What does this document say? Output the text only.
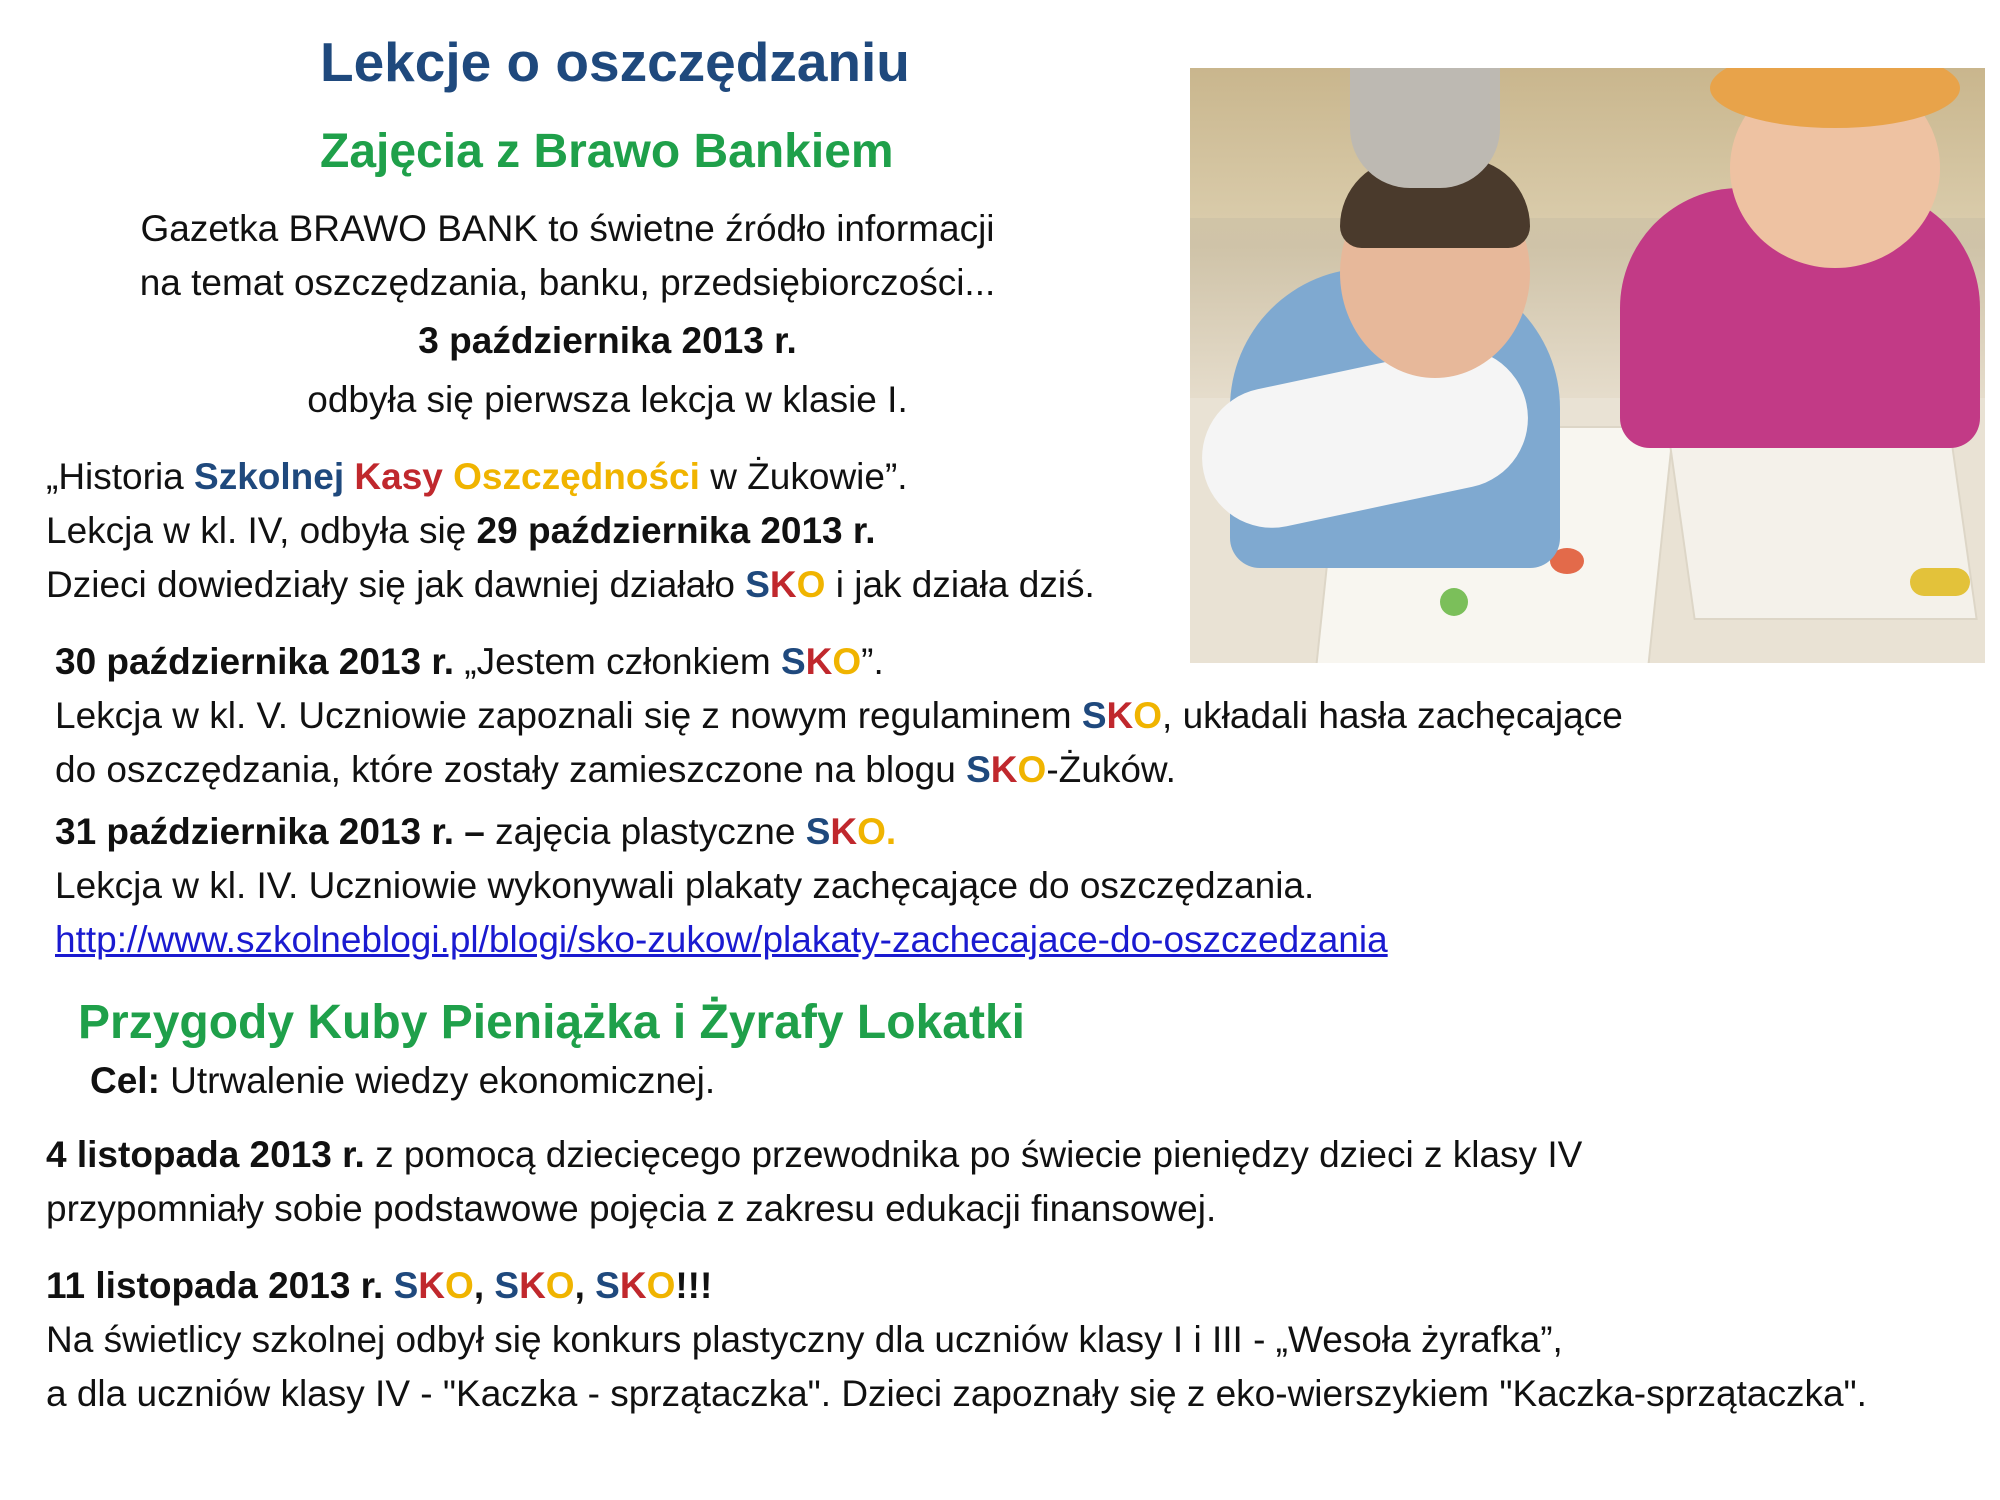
Lekcje o oszczędzaniu
Zajęcia z Brawo Bankiem
Gazetka BRAWO BANK to świetne źródło informacji
na temat oszczędzania, banku, przedsiębiorczości...
3 października 2013 r.
odbyła się pierwsza lekcja w klasie I.
„Historia Szkolnej Kasy Oszczędności w Żukowie”.
Lekcja w kl. IV, odbyła się 29 października 2013 r.
Dzieci dowiedziały się jak dawniej działało SKO i jak działa dziś.
30 października 2013 r. „Jestem członkiem SKO”.
Lekcja w kl. V. Uczniowie zapoznali się z nowym regulaminem SKO, układali hasła zachęcające
do oszczędzania, które zostały zamieszczone na blogu SKO-Żuków.
31 października 2013 r. – zajęcia plastyczne SKO.
Lekcja w kl. IV. Uczniowie wykonywali plakaty zachęcające do oszczędzania.
http://www.szkolneblogi.pl/blogi/sko-zukow/plakaty-zachecajace-do-oszczedzania
Przygody Kuby Pieniążka i Żyrafy Lokatki
Cel: Utrwalenie wiedzy ekonomicznej.
4 listopada 2013 r. z pomocą dziecięcego przewodnika po świecie pieniędzy dzieci z klasy IV
przypomniały sobie podstawowe pojęcia z zakresu edukacji finansowej.
11 listopada 2013 r. SKO, SKO, SKO!!!
Na świetlicy szkolnej odbył się konkurs plastyczny dla uczniów klasy I i III - „Wesoła żyrafka”,
a dla uczniów klasy IV - "Kaczka - sprzątaczka". Dzieci zapoznały się z eko-wierszykiem "Kaczka-sprzątaczka".
